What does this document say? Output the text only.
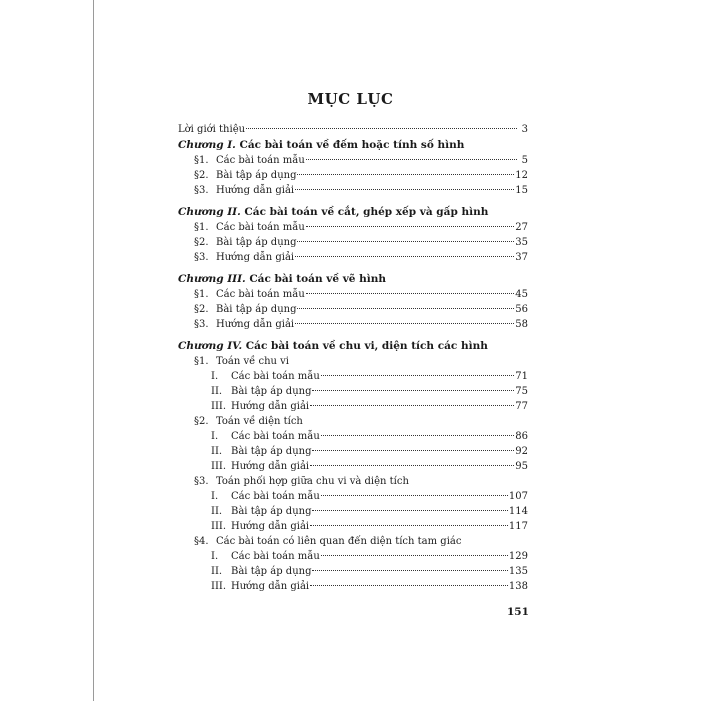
MỤC LỤC
Lời giới thiệu	3
Chương I. Các bài toán về đếm hoặc tính số hình
§1. Các bài toán mẫu	5
§2. Bài tập áp dụng	12
§3. Hướng dẫn giải	15
Chương II. Các bài toán về cắt, ghép xếp và gấp hình
§1. Các bài toán mẫu	27
§2. Bài tập áp dụng	35
§3. Hướng dẫn giải	37
Chương III. Các bài toán về vẽ hình
§1. Các bài toán mẫu	45
§2. Bài tập áp dụng	56
§3. Hướng dẫn giải	58
Chương IV. Các bài toán về chu vi, diện tích các hình
§1. Toán về chu vi
I. Các bài toán mẫu	71
II. Bài tập áp dụng	75
III. Hướng dẫn giải	77
§2. Toán về diện tích
I. Các bài toán mẫu	86
II. Bài tập áp dụng	92
III. Hướng dẫn giải	95
§3. Toán phối hợp giữa chu vi và diện tích
I. Các bài toán mẫu	107
II. Bài tập áp dụng	114
III. Hướng dẫn giải	117
§4. Các bài toán có liên quan đến diện tích tam giác
I. Các bài toán mẫu	129
II. Bài tập áp dụng	135
III. Hướng dẫn giải	138
151
